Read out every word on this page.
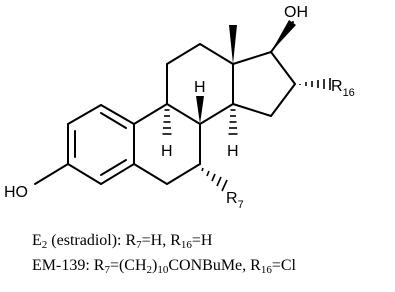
OH
H
H
H
HO
$R_{16}$
$R_7$
$E_2$ (estradiol): $R_7=H$, $R_{16}=H$
EM-139: $R_7=(CH_2)_{10}CONBuMe$, $R_{16}=Cl$
